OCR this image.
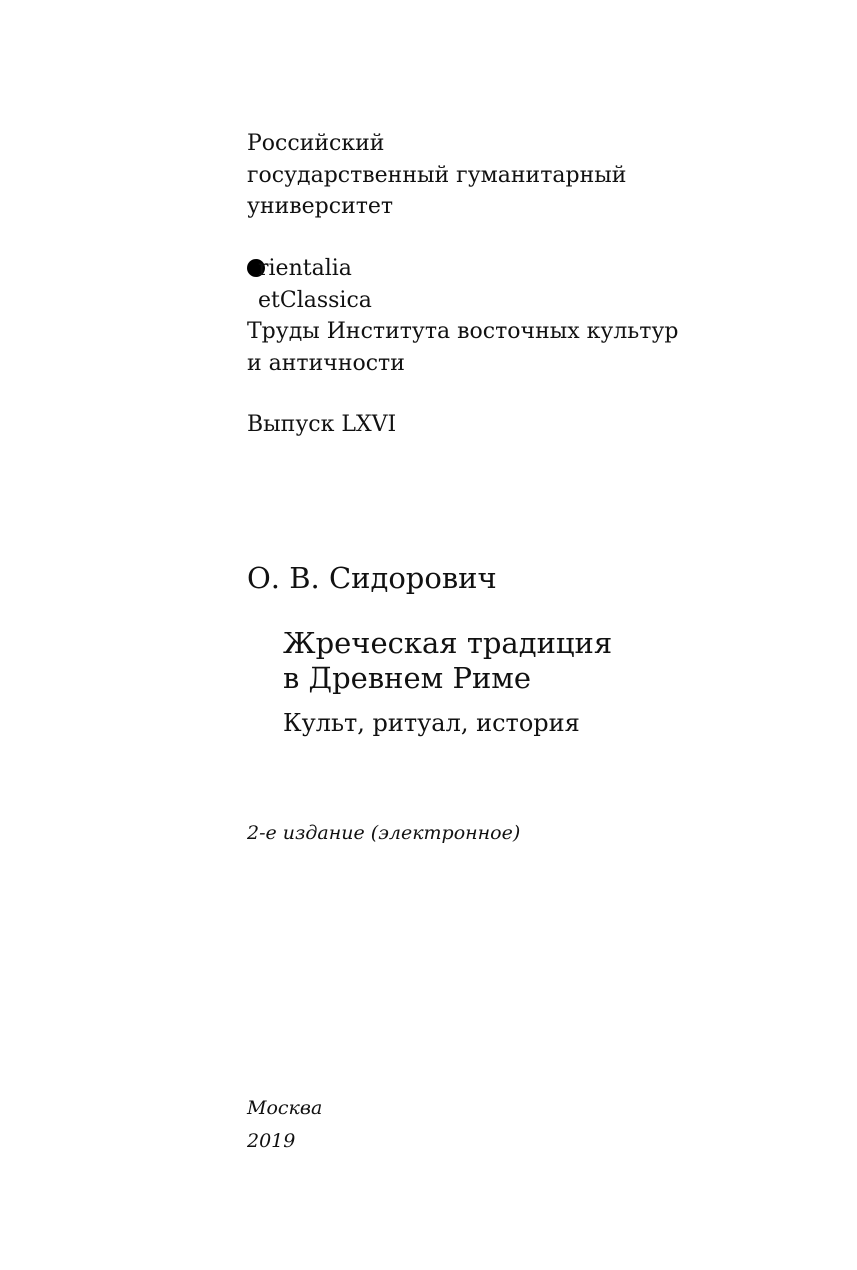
Российский
государственный гуманитарный
университет
rientalia
etClassica
Труды Института восточных культур
и античности
Выпуск LXVI
О. В. Сидорович
Жреческая традиция
в Древнем Риме
Культ, ритуал, история
2-е издание (электронное)
Москва
2019
